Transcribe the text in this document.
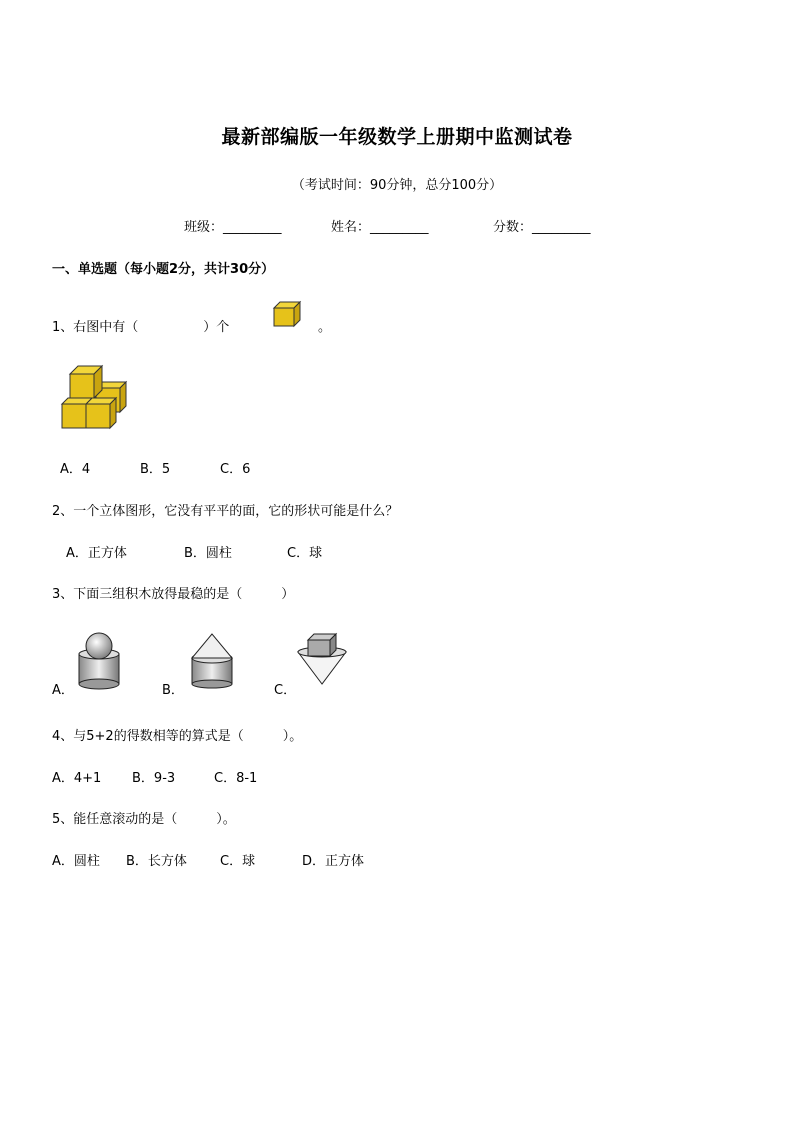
最新部编版一年级数学上册期中监测试卷
（考试时间：90分钟，总分100分）
班级：_________	姓名：_________	分数：_________
一、单选题（每小题2分，共计30分）
1、右图中有（　　　　　）个	。
A．4	B．5	C．6
2、一个立体图形，它没有平平的面，它的形状可能是什么？
A．正方体	B．圆柱	C．球
3、下面三组积木放得最稳的是（　　　）
A．	B．	C．
4、与5+2的得数相等的算式是（　　　）。
A．4+1 B．9-3	C．8-1
5、能任意滚动的是（　　　）。
A．圆柱 B．长方体	C．球	D．正方体
